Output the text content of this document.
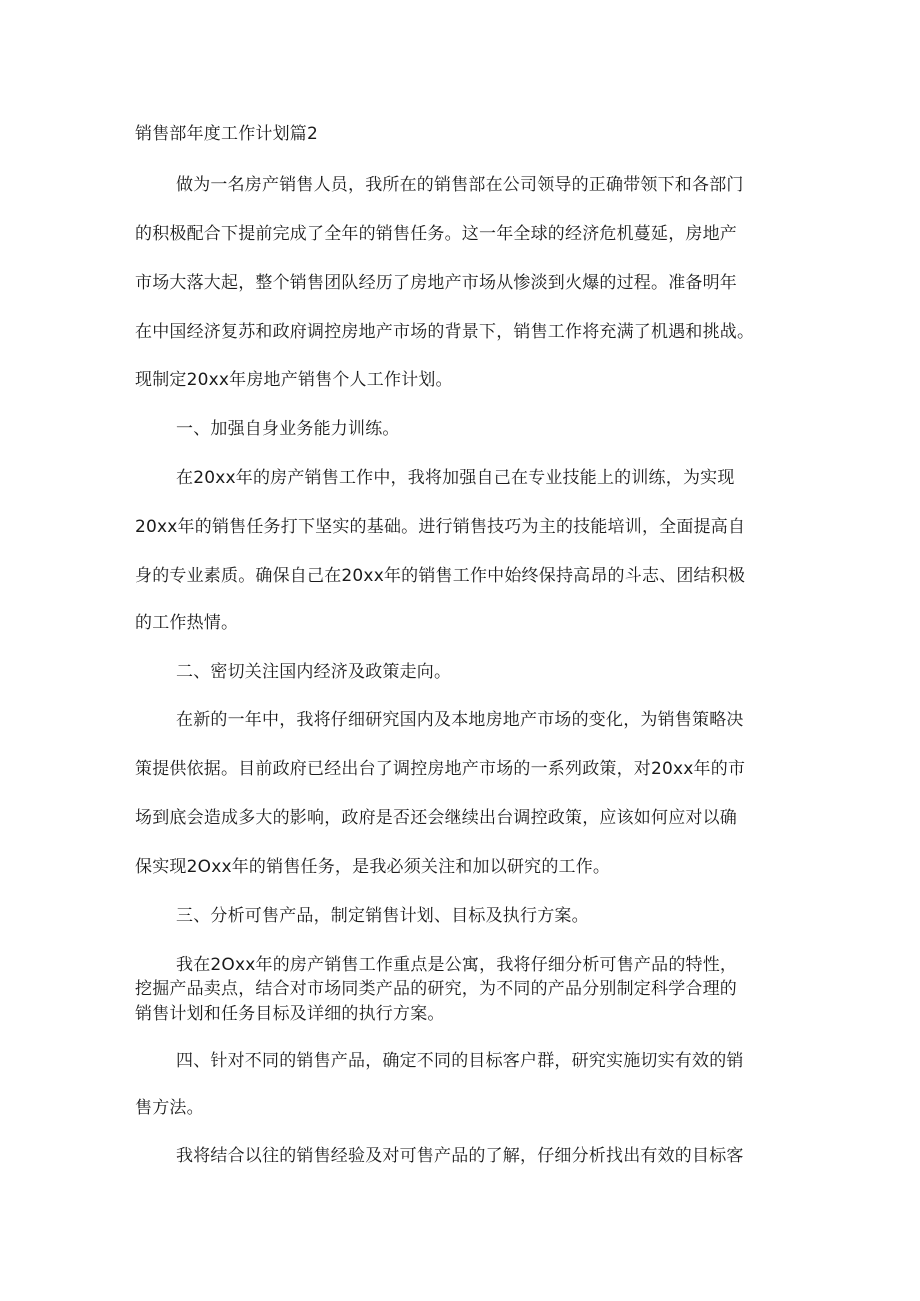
销售部年度工作计划篇2

做为一名房产销售人员，我所在的销售部在公司领导的正确带领下和各部门

的积极配合下提前完成了全年的销售任务。这一年全球的经济危机蔓延，房地产

市场大落大起，整个销售团队经历了房地产市场从惨淡到火爆的过程。准备明年

在中国经济复苏和政府调控房地产市场的背景下，销售工作将充满了机遇和挑战。

现制定20xx年房地产销售个人工作计划。

一、加强自身业务能力训练。

在20xx年的房产销售工作中，我将加强自己在专业技能上的训练，为实现

20xx年的销售任务打下坚实的基础。进行销售技巧为主的技能培训，全面提高自

身的专业素质。确保自己在20xx年的销售工作中始终保持高昂的斗志、团结积极

的工作热情。

二、密切关注国内经济及政策走向。

在新的一年中，我将仔细研究国内及本地房地产市场的变化，为销售策略决

策提供依据。目前政府已经出台了调控房地产市场的一系列政策，对20xx年的市

场到底会造成多大的影响，政府是否还会继续出台调控政策，应该如何应对以确

保实现2Oxx年的销售任务，是我必须关注和加以研究的工作。

三、分析可售产品，制定销售计划、目标及执行方案。

我在2Oxx年的房产销售工作重点是公寓，我将仔细分析可售产品的特性，

挖掘产品卖点，结合对市场同类产品的研究，为不同的产品分别制定科学合理的

销售计划和任务目标及详细的执行方案。

四、针对不同的销售产品，确定不同的目标客户群，研究实施切实有效的销

售方法。

我将结合以往的销售经验及对可售产品的了解，仔细分析找出有效的目标客
